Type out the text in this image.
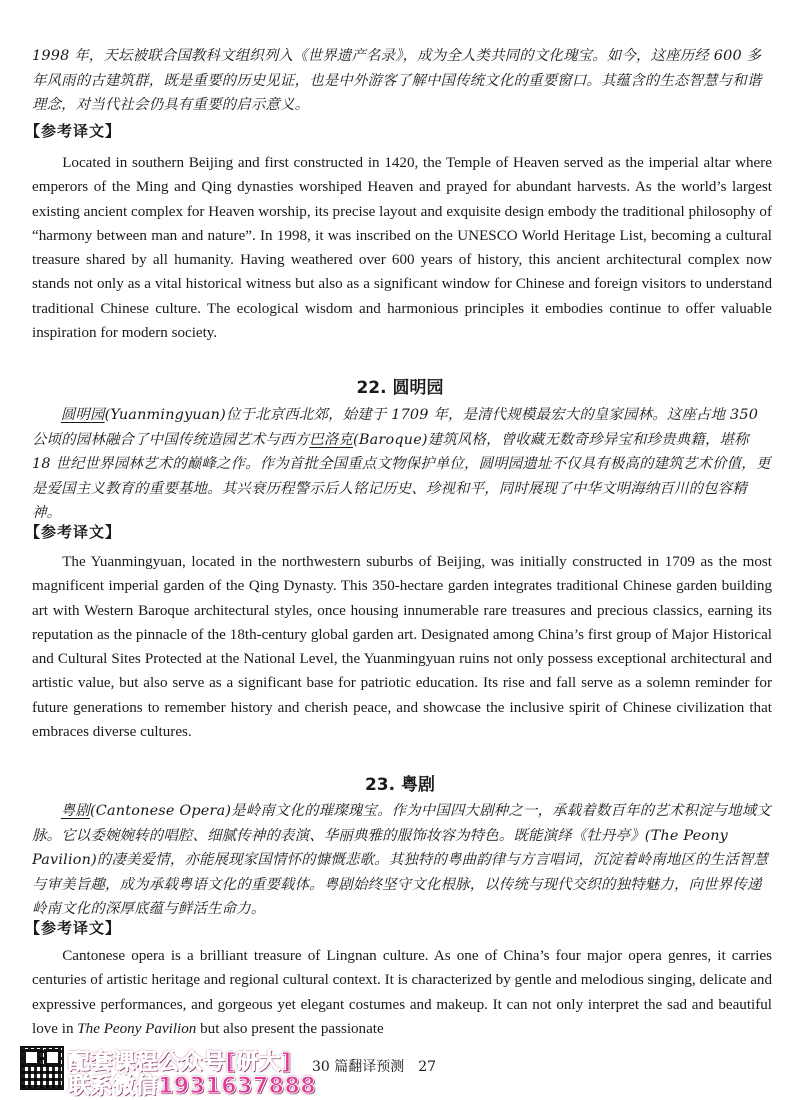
1998 年，天坛被联合国教科文组织列入《世界遗产名录》，成为全人类共同的文化瑰宝。如今，这座历经 600 多年风雨的古建筑群，既是重要的历史见证，也是中外游客了解中国传统文化的重要窗口。其蕴含的生态智慧与和谐理念，对当代社会仍具有重要的启示意义。

【参考译文】

Located in southern Beijing and first constructed in 1420, the Temple of Heaven served as the imperial altar where emperors of the Ming and Qing dynasties worshiped Heaven and prayed for abundant harvests. As the world’s largest existing ancient complex for Heaven worship, its precise layout and exquisite design embody the traditional philosophy of “harmony between man and nature”. In 1998, it was inscribed on the UNESCO World Heritage List, becoming a cultural treasure shared by all humanity. Having weathered over 600 years of history, this ancient architectural complex now stands not only as a vital historical witness but also as a significant window for Chinese and foreign visitors to understand traditional Chinese culture. The ecological wisdom and harmonious principles it embodies continue to offer valuable inspiration for modern society.

22. 圆明园

圆明园(Yuanmingyuan)位于北京西北郊，始建于 1709 年，是清代规模最宏大的皇家园林。这座占地 350 公顷的园林融合了中国传统造园艺术与西方巴洛克(Baroque)建筑风格，曾收藏无数奇珍异宝和珍贵典籍，堪称 18 世纪世界园林艺术的巅峰之作。作为首批全国重点文物保护单位，圆明园遗址不仅具有极高的建筑艺术价值，更是爱国主义教育的重要基地。其兴衰历程警示后人铭记历史、珍视和平，同时展现了中华文明海纳百川的包容精神。

【参考译文】

The Yuanmingyuan, located in the northwestern suburbs of Beijing, was initially constructed in 1709 as the most magnificent imperial garden of the Qing Dynasty. This 350-hectare garden integrates traditional Chinese garden building art with Western Baroque architectural styles, once housing innumerable rare treasures and precious classics, earning its reputation as the pinnacle of the 18th-century global garden art. Designated among China’s first group of Major Historical and Cultural Sites Protected at the National Level, the Yuanmingyuan ruins not only possess exceptional architectural and artistic value, but also serve as a significant base for patriotic education. Its rise and fall serve as a solemn reminder for future generations to remember history and cherish peace, and showcase the inclusive spirit of Chinese civilization that embraces diverse cultures.

23. 粤剧

粤剧(Cantonese Opera)是岭南文化的璀璨瑰宝。作为中国四大剧种之一，承载着数百年的艺术积淀与地域文脉。它以委婉婉转的唱腔、细腻传神的表演、华丽典雅的服饰妆容为特色。既能演绎《牡丹亭》(The Peony Pavilion)的凄美爱情，亦能展现家国情怀的慷慨悲歌。其独特的粤曲韵律与方言唱词，沉淀着岭南地区的生活智慧与审美旨趣，成为承载粤语文化的重要载体。粤剧始终坚守文化根脉，以传统与现代交织的独特魅力，向世界传递岭南文化的深厚底蕴与鲜活生命力。

【参考译文】

Cantonese opera is a brilliant treasure of Lingnan culture. As one of China’s four major opera genres, it carries centuries of artistic heritage and regional cultural context. It is characterized by gentle and melodious singing, delicate and expressive performances, and gorgeous yet elegant costumes and makeup. It can not only interpret the sad and beautiful love in The Peony Pavilion but also present the passionate

配套课程公众号[研大]
联系微信1931637888
30 篇翻译预测　27
